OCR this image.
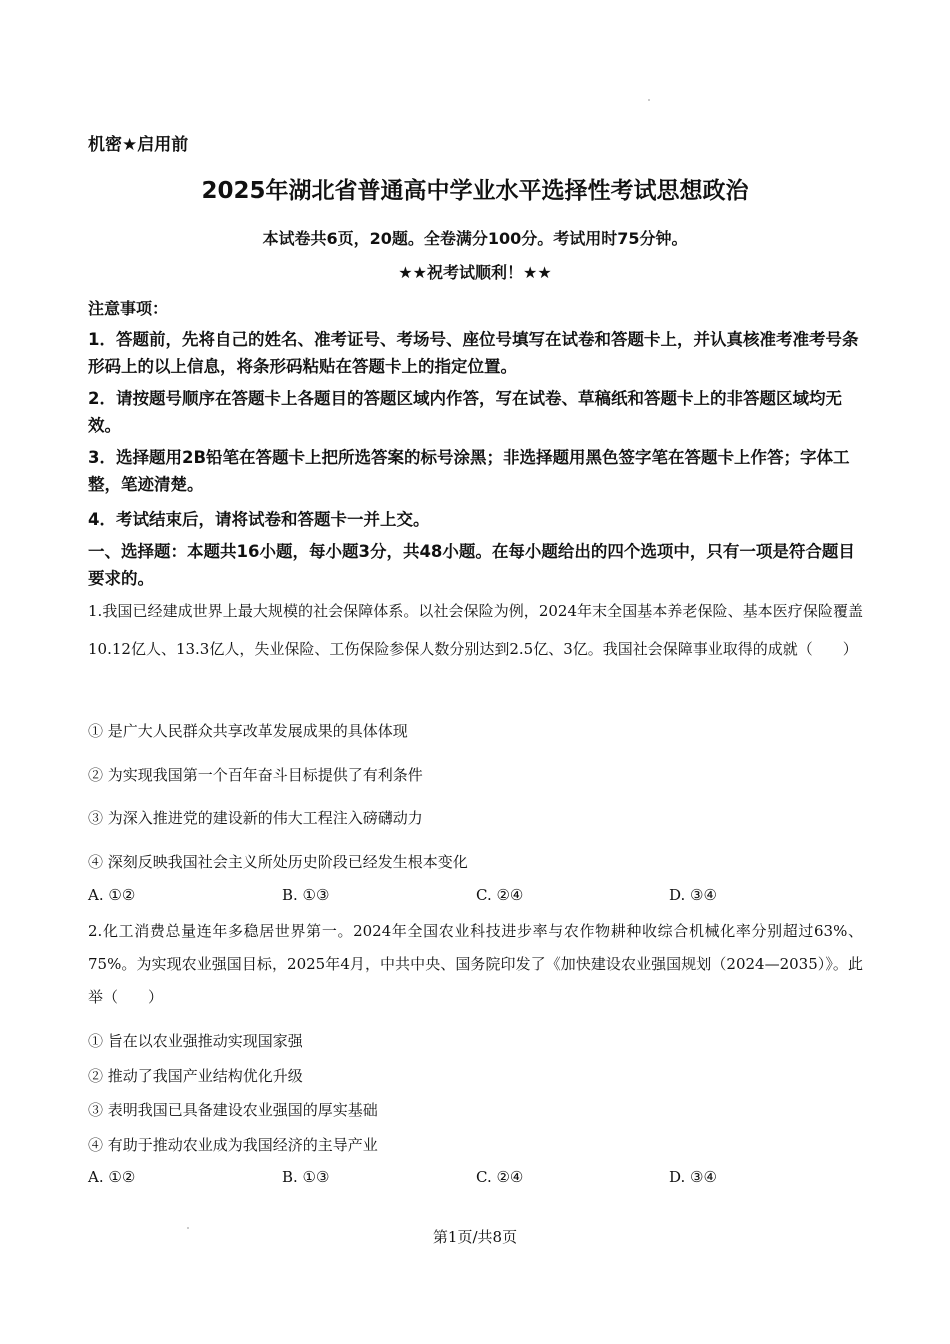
机密★启用前
2025年湖北省普通高中学业水平选择性考试思想政治
本试卷共6页，20题。全卷满分100分。考试用时75分钟。
★★祝考试顺利！★★
注意事项：
1．答题前，先将自己的姓名、准考证号、考场号、座位号填写在试卷和答题卡上，并认真核准考准考号条形码上的以上信息，将条形码粘贴在答题卡上的指定位置。
2．请按题号顺序在答题卡上各题目的答题区域内作答，写在试卷、草稿纸和答题卡上的非答题区域均无效。
3．选择题用2B铅笔在答题卡上把所选答案的标号涂黑；非选择题用黑色签字笔在答题卡上作答；字体工整，笔迹清楚。
4．考试结束后，请将试卷和答题卡一并上交。
一、选择题：本题共16小题，每小题3分，共48小题。在每小题给出的四个选项中，只有一项是符合题目要求的。
1.我国已经建成世界上最大规模的社会保障体系。以社会保险为例，2024年末全国基本养老保险、基本医疗保险覆盖10.12亿人、13.3亿人，失业保险、工伤保险参保人数分别达到2.5亿、3亿。我国社会保障事业取得的成就（　　）
① 是广大人民群众共享改革发展成果的具体体现
② 为实现我国第一个百年奋斗目标提供了有利条件
③ 为深入推进党的建设新的伟大工程注入磅礴动力
④ 深刻反映我国社会主义所处历史阶段已经发生根本变化
A. ①②	B. ①③	C. ②④	D. ③④
2.化工消费总量连年多稳居世界第一。2024年全国农业科技进步率与农作物耕种收综合机械化率分别超过63%、75%。为实现农业强国目标，2025年4月，中共中央、国务院印发了《加快建设农业强国规划（2024—2035）》。此举（　　）
① 旨在以农业强推动实现国家强
② 推动了我国产业结构优化升级
③ 表明我国已具备建设农业强国的厚实基础
④ 有助于推动农业成为我国经济的主导产业
A. ①②	B. ①③	C. ②④	D. ③④
第1页/共8页
